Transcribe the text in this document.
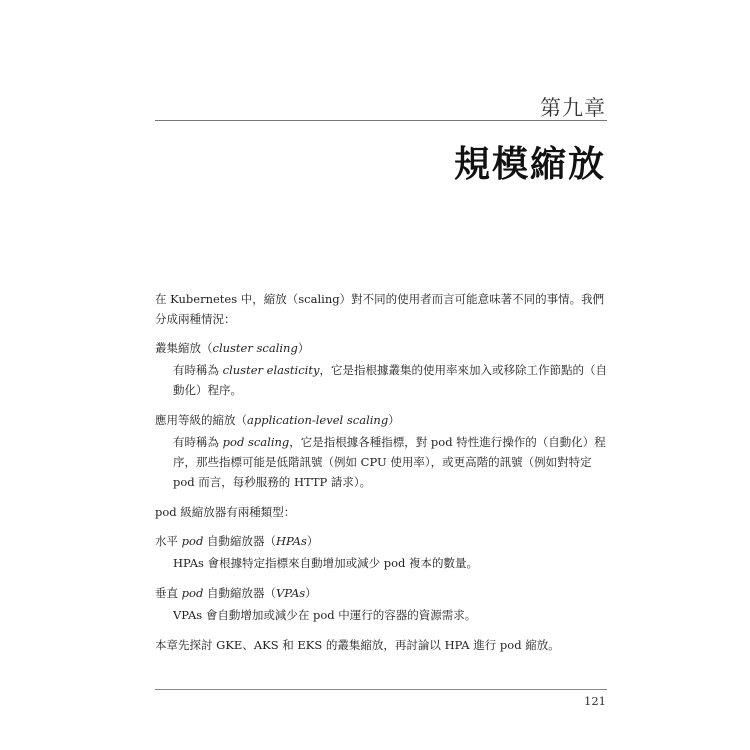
第九章
規模縮放

在 Kubernetes 中，縮放（scaling）對不同的使用者而言可能意味著不同的事情。我們分成兩種情況：

叢集縮放（cluster scaling）

有時稱為 cluster elasticity，它是指根據叢集的使用率來加入或移除工作節點的（自動化）程序。

應用等級的縮放（application-level scaling）

有時稱為 pod scaling，它是指根據各種指標，對 pod 特性進行操作的（自動化）程序，那些指標可能是低階訊號（例如 CPU 使用率），或更高階的訊號（例如對特定 pod 而言，每秒服務的 HTTP 請求）。

pod 級縮放器有兩種類型：

水平 pod 自動縮放器（HPAs）

HPAs 會根據特定指標來自動增加或減少 pod 複本的數量。

垂直 pod 自動縮放器（VPAs）

VPAs 會自動增加或減少在 pod 中運行的容器的資源需求。

本章先探討 GKE、AKS 和 EKS 的叢集縮放，再討論以 HPA 進行 pod 縮放。

121
